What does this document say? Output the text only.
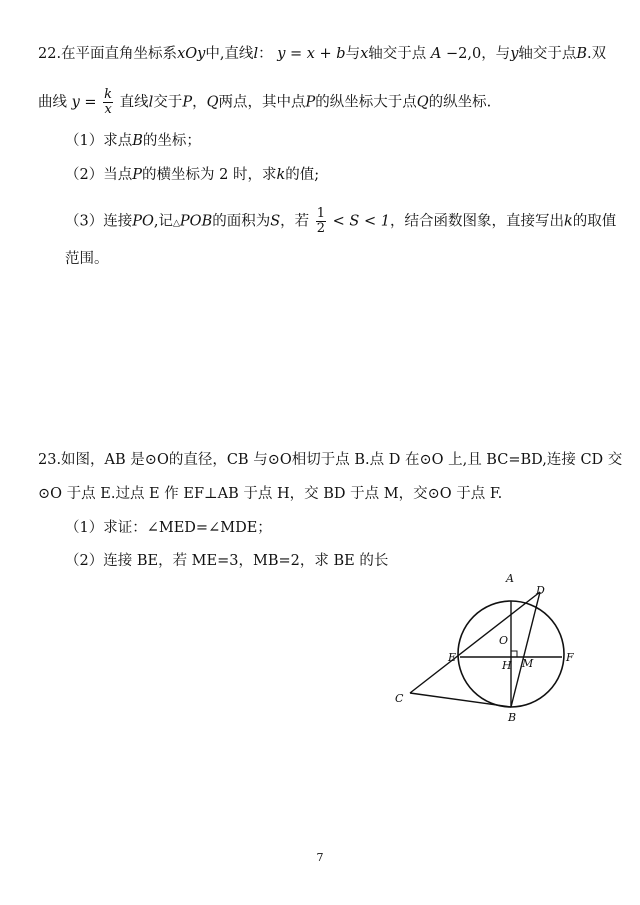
22.在平面直角坐标系xOy中,直线l： y = x + b与x轴交于点 A −2,0，与y轴交于点B.双
曲线 $y = \frac{k}{x}$ 直线l交于P，Q两点，其中点P的纵坐标大于点Q的纵坐标.
（1）求点B的坐标；
（2）当点P的横坐标为 2 时，求k的值;
（3）连接PO,记△POB的面积为S，若 $\frac{1}{2} < S < 1$，结合函数图象，直接写出k的取值
范围。
23.如图，AB 是⊙O的直径，CB 与⊙O相切于点 B.点 D 在⊙O 上,且 BC=BD,连接 CD 交
⊙O 于点 E.过点 E 作 EF⊥AB 于点 H，交 BD 于点 M，交⊙O 于点 F.
（1）求证：∠MED=∠MDE；
（2）连接 BE，若 ME=3，MB=2，求 BE 的长
A
D
O
E
H M	F
C
B
7
